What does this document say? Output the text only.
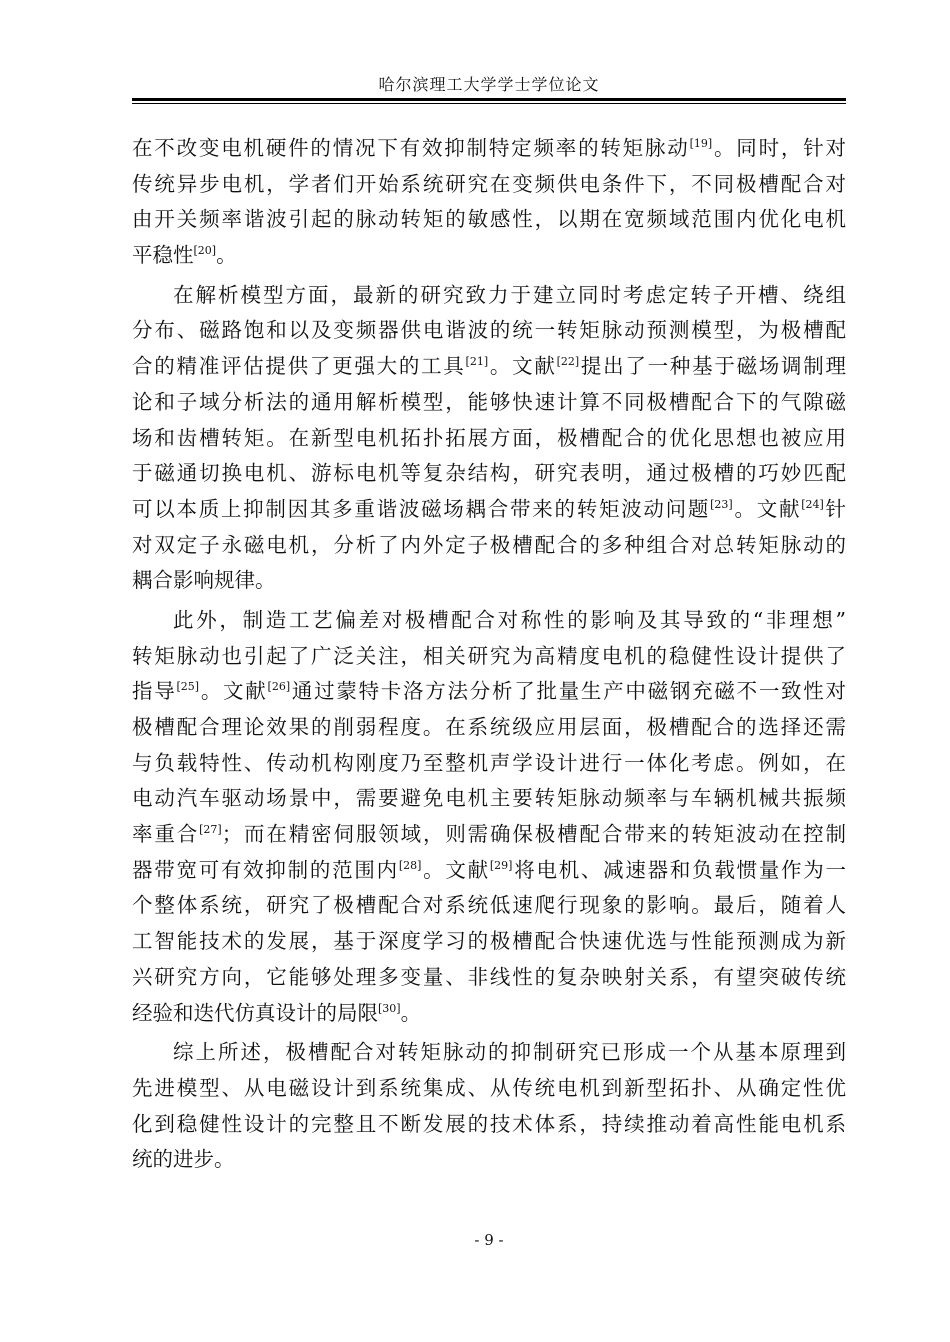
哈尔滨理工大学学士学位论文
在不改变电机硬件的情况下有效抑制特定频率的转矩脉动[19]。同时，针对
传统异步电机，学者们开始系统研究在变频供电条件下，不同极槽配合对
由开关频率谐波引起的脉动转矩的敏感性，以期在宽频域范围内优化电机
平稳性[20]。
在解析模型方面，最新的研究致力于建立同时考虑定转子开槽、绕组
分布、磁路饱和以及变频器供电谐波的统一转矩脉动预测模型，为极槽配
合的精准评估提供了更强大的工具[21]。文献[22]提出了一种基于磁场调制理
论和子域分析法的通用解析模型，能够快速计算不同极槽配合下的气隙磁
场和齿槽转矩。在新型电机拓扑拓展方面，极槽配合的优化思想也被应用
于磁通切换电机、游标电机等复杂结构，研究表明，通过极槽的巧妙匹配
可以本质上抑制因其多重谐波磁场耦合带来的转矩波动问题[23]。文献[24]针
对双定子永磁电机，分析了内外定子极槽配合的多种组合对总转矩脉动的
耦合影响规律。
此外，制造工艺偏差对极槽配合对称性的影响及其导致的“非理想”
转矩脉动也引起了广泛关注，相关研究为高精度电机的稳健性设计提供了
指导[25]。文献[26]通过蒙特卡洛方法分析了批量生产中磁钢充磁不一致性对
极槽配合理论效果的削弱程度。在系统级应用层面，极槽配合的选择还需
与负载特性、传动机构刚度乃至整机声学设计进行一体化考虑。例如，在
电动汽车驱动场景中，需要避免电机主要转矩脉动频率与车辆机械共振频
率重合[27]；而在精密伺服领域，则需确保极槽配合带来的转矩波动在控制
器带宽可有效抑制的范围内[28]。文献[29]将电机、减速器和负载惯量作为一
个整体系统，研究了极槽配合对系统低速爬行现象的影响。最后，随着人
工智能技术的发展，基于深度学习的极槽配合快速优选与性能预测成为新
兴研究方向，它能够处理多变量、非线性的复杂映射关系，有望突破传统
经验和迭代仿真设计的局限[30]。
综上所述，极槽配合对转矩脉动的抑制研究已形成一个从基本原理到
先进模型、从电磁设计到系统集成、从传统电机到新型拓扑、从确定性优
化到稳健性设计的完整且不断发展的技术体系，持续推动着高性能电机系
统的进步。
- 9 -
